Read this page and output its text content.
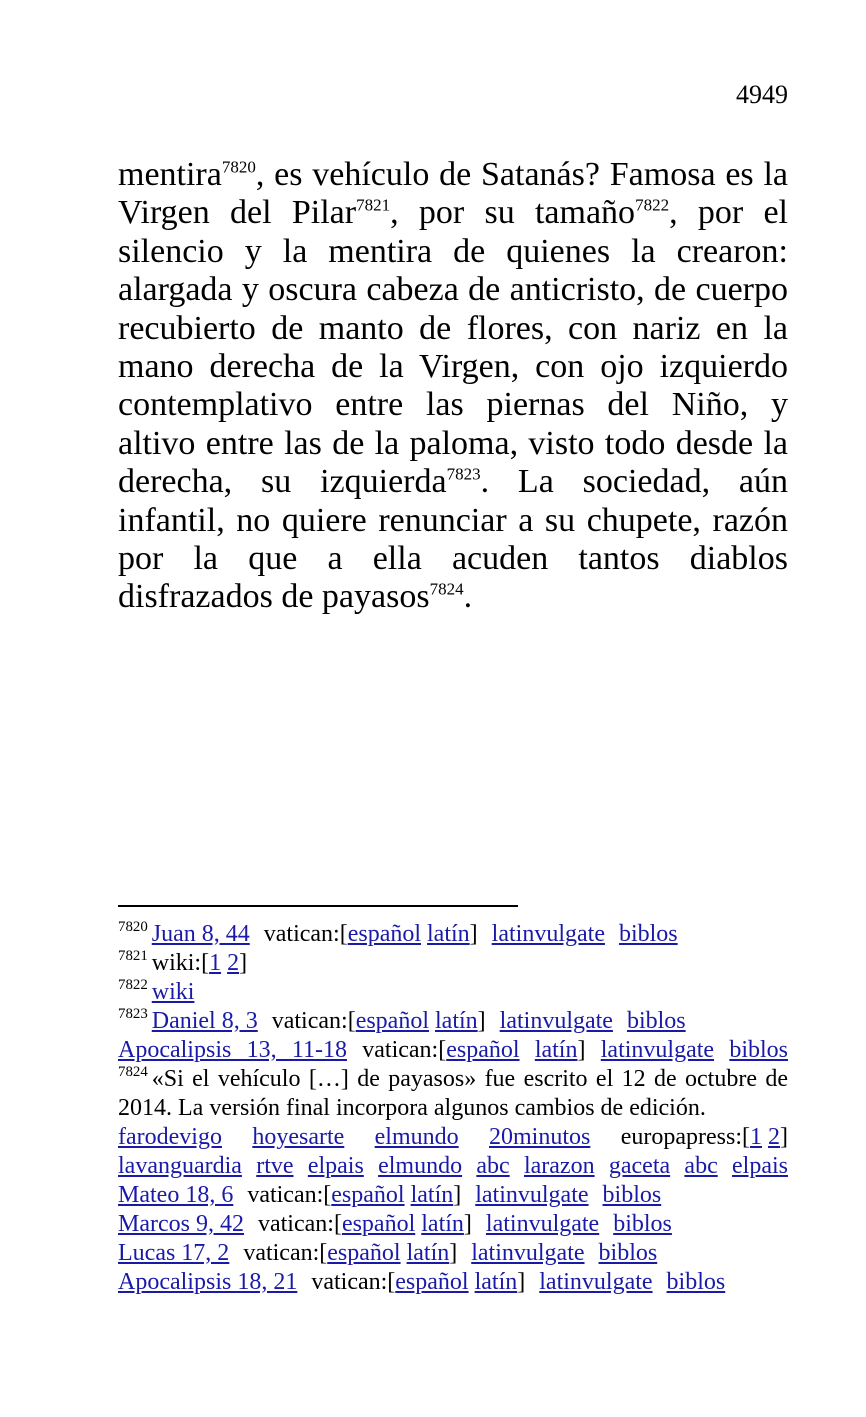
4949

mentira$^{7820}$, es vehículo de Satanás? Famosa es la Virgen del Pilar$^{7821}$, por su tamaño$^{7822}$, por el silencio y la mentira de quienes la crearon: alargada y oscura cabeza de anticristo, de cuerpo recubierto de manto de flores, con nariz en la mano derecha de la Virgen, con ojo izquierdo contemplativo entre las piernas del Niño, y altivo entre las de la paloma, visto todo desde la derecha, su izquierda$^{7823}$. La sociedad, aún infantil, no quiere renunciar a su chupete, razón por la que a ella acuden tantos diablos disfrazados de payasos$^{7824}$.

$^{7820}$ Juan 8, 44 vatican:[español latín] latinvulgate biblos
$^{7821}$ wiki:[1 2]
$^{7822}$ wiki
$^{7823}$ Daniel 8, 3 vatican:[español latín] latinvulgate biblos
Apocalipsis 13, 11-18 vatican:[español latín] latinvulgate biblos
$^{7824}$ «Si el vehículo […] de payasos» fue escrito el 12 de octubre de 2014. La versión final incorpora algunos cambios de edición.
farodevigo hoyesarte elmundo 20minutos europapress:[1 2]
lavanguardia rtve elpais elmundo abc larazon gaceta abc elpais
Mateo 18, 6 vatican:[español latín] latinvulgate biblos
Marcos 9, 42 vatican:[español latín] latinvulgate biblos
Lucas 17, 2 vatican:[español latín] latinvulgate biblos
Apocalipsis 18, 21 vatican:[español latín] latinvulgate biblos
